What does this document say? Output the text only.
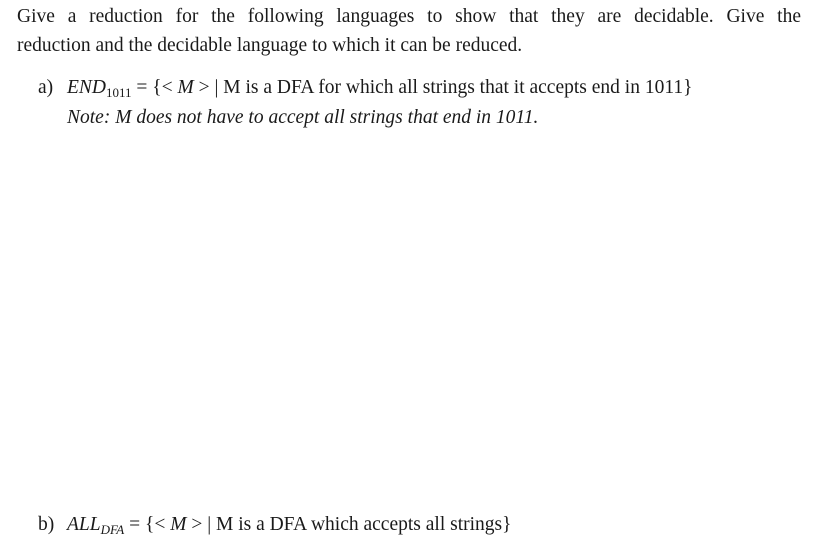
Give a reduction for the following languages to show that they are decidable. Give the
reduction and the decidable language to which it can be reduced.

a) $END_{1011}$ = {< M > | M is a DFA for which all strings that it accepts end in 1011}
Note: M does not have to accept all strings that end in 1011.
b) $ALL_{DFA}$ = {< M > | M is a DFA which accepts all strings}
